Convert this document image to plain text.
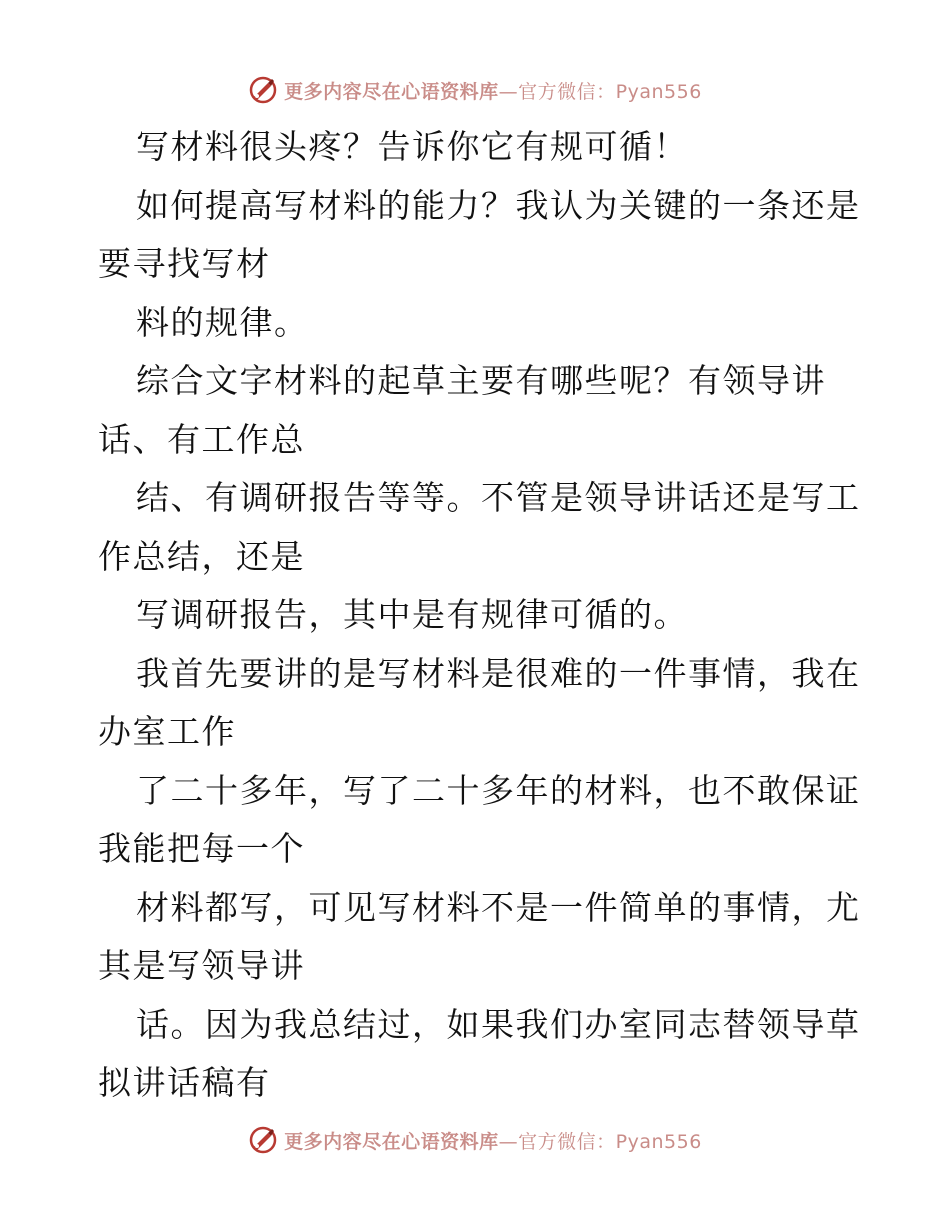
更多内容尽在心语资料库—官方微信：Pyan556
写材料很头疼？告诉你它有规可循！
如何提高写材料的能力？我认为关键的一条还是
要寻找写材
料的规律。
综合文字材料的起草主要有哪些呢？有领导讲
话、有工作总
结、有调研报告等等。不管是领导讲话还是写工
作总结，还是
写调研报告，其中是有规律可循的。
我首先要讲的是写材料是很难的一件事情，我在
办室工作
了二十多年，写了二十多年的材料，也不敢保证
我能把每一个
材料都写，可见写材料不是一件简单的事情，尤
其是写领导讲
话。因为我总结过，如果我们办室同志替领导草
拟讲话稿有
更多内容尽在心语资料库—官方微信：Pyan556
